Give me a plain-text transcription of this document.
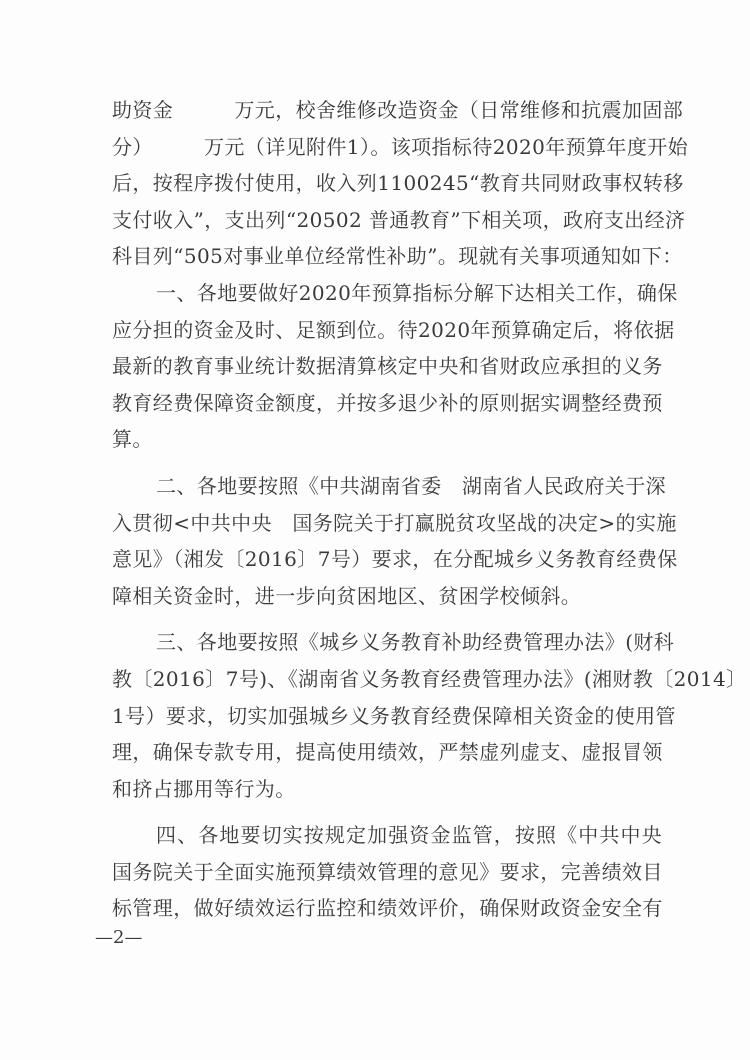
助资金　　　万元，校舍维修改造资金（日常维修和抗震加固部
分）　　　万元（详见附件1）。该项指标待2020年预算年度开始
后，按程序拨付使用，收入列1100245“教育共同财政事权转移
支付收入”，支出列“20502 普通教育”下相关项，政府支出经济
科目列“505对事业单位经常性补助”。现就有关事项通知如下：
一、各地要做好2020年预算指标分解下达相关工作，确保
应分担的资金及时、足额到位。待2020年预算确定后，将依据
最新的教育事业统计数据清算核定中央和省财政应承担的义务
教育经费保障资金额度，并按多退少补的原则据实调整经费预
算。
二、各地要按照《中共湖南省委　湖南省人民政府关于深
入贯彻<中共中央　国务院关于打赢脱贫攻坚战的决定>的实施
意见》（湘发〔2016〕7号）要求，在分配城乡义务教育经费保
障相关资金时，进一步向贫困地区、贫困学校倾斜。
三、各地要按照《城乡义务教育补助经费管理办法》(财科
教〔2016〕7号)、《湖南省义务教育经费管理办法》(湘财教〔2014〕
1号）要求，切实加强城乡义务教育经费保障相关资金的使用管
理，确保专款专用，提高使用绩效，严禁虚列虚支、虚报冒领
和挤占挪用等行为。
四、各地要切实按规定加强资金监管，按照《中共中央
国务院关于全面实施预算绩效管理的意见》要求，完善绩效目
标管理，做好绩效运行监控和绩效评价，确保财政资金安全有
—2—
